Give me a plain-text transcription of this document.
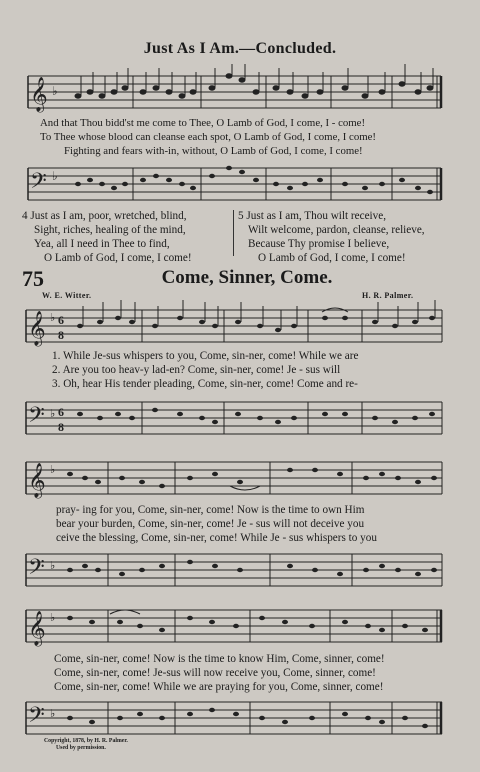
Just As I Am.—Concluded.
𝄞 ♭
And that Thou bidd'st me come to Thee, O Lamb of God, I come, I - come!
To Thee whose blood can cleanse each spot, O Lamb of God, I come, I come!
Fighting and fears with-in, without, O Lamb of God, I come, I come!
𝄢 ♭
4 Just as I am, poor, wretched, blind,
Sight, riches, healing of the mind,
Yea, all I need in Thee to find,
O Lamb of God, I come, I come!
5 Just as I am, Thou wilt receive,
Wilt welcome, pardon, cleanse, relieve,
Because Thy promise I believe,
O Lamb of God, I come, I come!
75	Come, Sinner, Come.
W. E. Witter.	H. R. Palmer.
𝄞 ♭ 6
8
1. While Je-sus whispers to you, Come, sin-ner, come! While we are
2. Are you too heav-y lad-en? Come, sin-ner, come! Je - sus will
3. Oh, hear His tender pleading, Come, sin-ner, come! Come and re-
𝄢 ♭ 6
8
𝄞 ♭
pray- ing for you, Come, sin-ner, come! Now is the time to own Him
bear your burden, Come, sin-ner, come! Je - sus will not deceive you
ceive the blessing, Come, sin-ner, come! While Je - sus whispers to you
𝄢 ♭
𝄞 ♭
Come, sin-ner, come! Now is the time to know Him, Come, sinner, come!
Come, sin-ner, come! Je-sus will now receive you, Come, sinner, come!
Come, sin-ner, come! While we are praying for you, Come, sinner, come!
𝄢 ♭
Copyright, 1878, by H. R. Palmer.
Used by permission.
